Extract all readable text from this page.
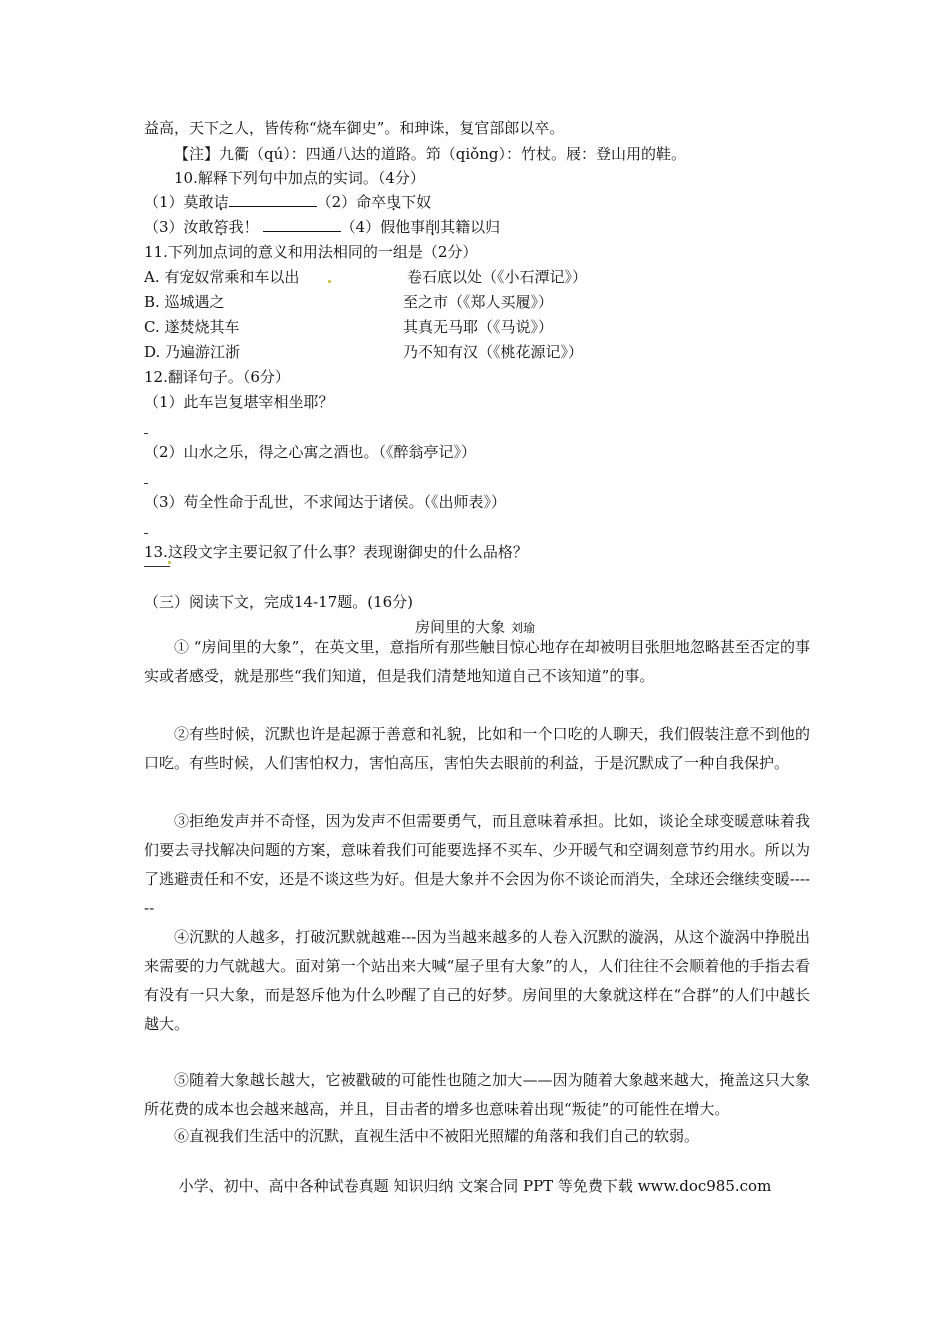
益高，天下之人，皆传称“烧车御史”。和珅诛，复官部郎以卒。
【注】九衢（qú）：四通八达的道路。笻（qiǒng）：竹杖。屐：登山用的鞋。
10.解释下列句中加点的实词。（4分）
（1）莫敢诘	（2）命卒曳下奴
（3）汝敢笞我！	（4）假他事削其籍以归
11.下列加点词的意义和用法相同的一组是（2分）
A. 有宠奴常乘和车以出	卷石底以处（《小石潭记》）
B. 巡城遇之	至之市（《郑人买履》）
C. 遂焚烧其车	其真无马耶（《马说》）
D. 乃遍游江浙	乃不知有汉（《桃花源记》）
12.翻译句子。（6分）
（1）此车岂复堪宰相坐耶？
（2）山水之乐，得之心寓之酒也。（《醉翁亭记》）
（3）苟全性命于乱世，不求闻达于诸侯。（《出师表》）
13.这段文字主要记叙了什么事？表现谢御史的什么品格？
（三）阅读下文，完成14-17题。(16分)
房间里的大象 刘瑜
① “房间里的大象”，在英文里，意指所有那些触目惊心地存在却被明目张胆地忽略甚至否定的事实或者感受，就是那些“我们知道，但是我们清楚地知道自己不该知道”的事。
②有些时候，沉默也许是起源于善意和礼貌，比如和一个口吃的人聊天，我们假装注意不到他的口吃。有些时候，人们害怕权力，害怕高压，害怕失去眼前的利益，于是沉默成了一种自我保护。
③拒绝发声并不奇怪，因为发声不但需要勇气，而且意味着承担。比如，谈论全球变暖意味着我们要去寻找解决问题的方案，意味着我们可能要选择不买车、少开暖气和空调刻意节约用水。所以为了逃避责任和不安，还是不谈这些为好。但是大象并不会因为你不谈论而消失，全球还会继续变暖------
④沉默的人越多，打破沉默就越难---因为当越来越多的人卷入沉默的漩涡，从这个漩涡中挣脱出来需要的力气就越大。面对第一个站出来大喊“屋子里有大象”的人，人们往往不会顺着他的手指去看有没有一只大象，而是怒斥他为什么吵醒了自己的好梦。房间里的大象就这样在“合群”的人们中越长越大。
⑤随着大象越长越大，它被戳破的可能性也随之加大——因为随着大象越来越大，掩盖这只大象所花费的成本也会越来越高，并且，目击者的增多也意味着出现“叛徒”的可能性在增大。
⑥直视我们生活中的沉默，直视生活中不被阳光照耀的角落和我们自己的软弱。
小学、初中、高中各种试卷真题 知识归纳 文案合同 PPT 等免费下载 www.doc985.com
